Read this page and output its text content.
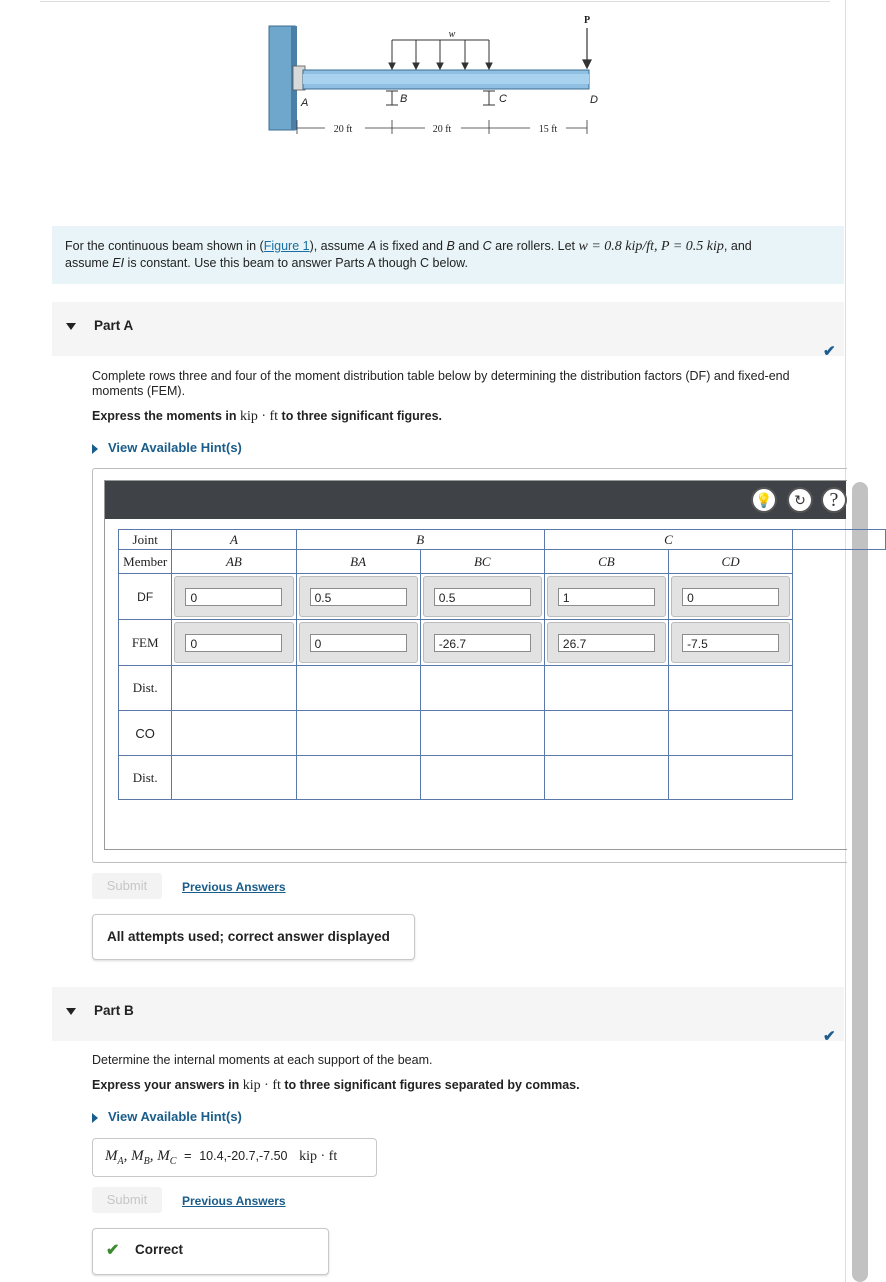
w
P
A	B	C	D
20 ft	20 ft	15 ft
For the continuous beam shown in (Figure 1), assume A is fixed and B and C are rollers. Let w = 0.8 kip/ft, P = 0.5 kip, and
assume EI is constant. Use this beam to answer Parts A though C below.
Part A
✔
Complete rows three and four of the moment distribution table below by determining the distribution factors (DF) and fixed-end moments (FEM).
Express the moments in kip · ft to three significant figures.
View Available Hint(s)
💡	↻	?
Joint	A	B		C		
Member	AB	BA	BC	CB	CD	
DF	0	0.5	0.5	1	0	

FEM	0	0	-26.7	26.7	-7.5	

Dist.						
CO						
Dist.						
Submit	Previous Answers
All attempts used; correct answer displayed
Part B
✔
Determine the internal moments at each support of the beam.
Express your answers in kip · ft to three significant figures separated by commas.
View Available Hint(s)
$M_A$, $M_B$, $M_C = 10.4,-20.7,-7.50$ kip · ft
Submit	Previous Answers
✔ Correct
